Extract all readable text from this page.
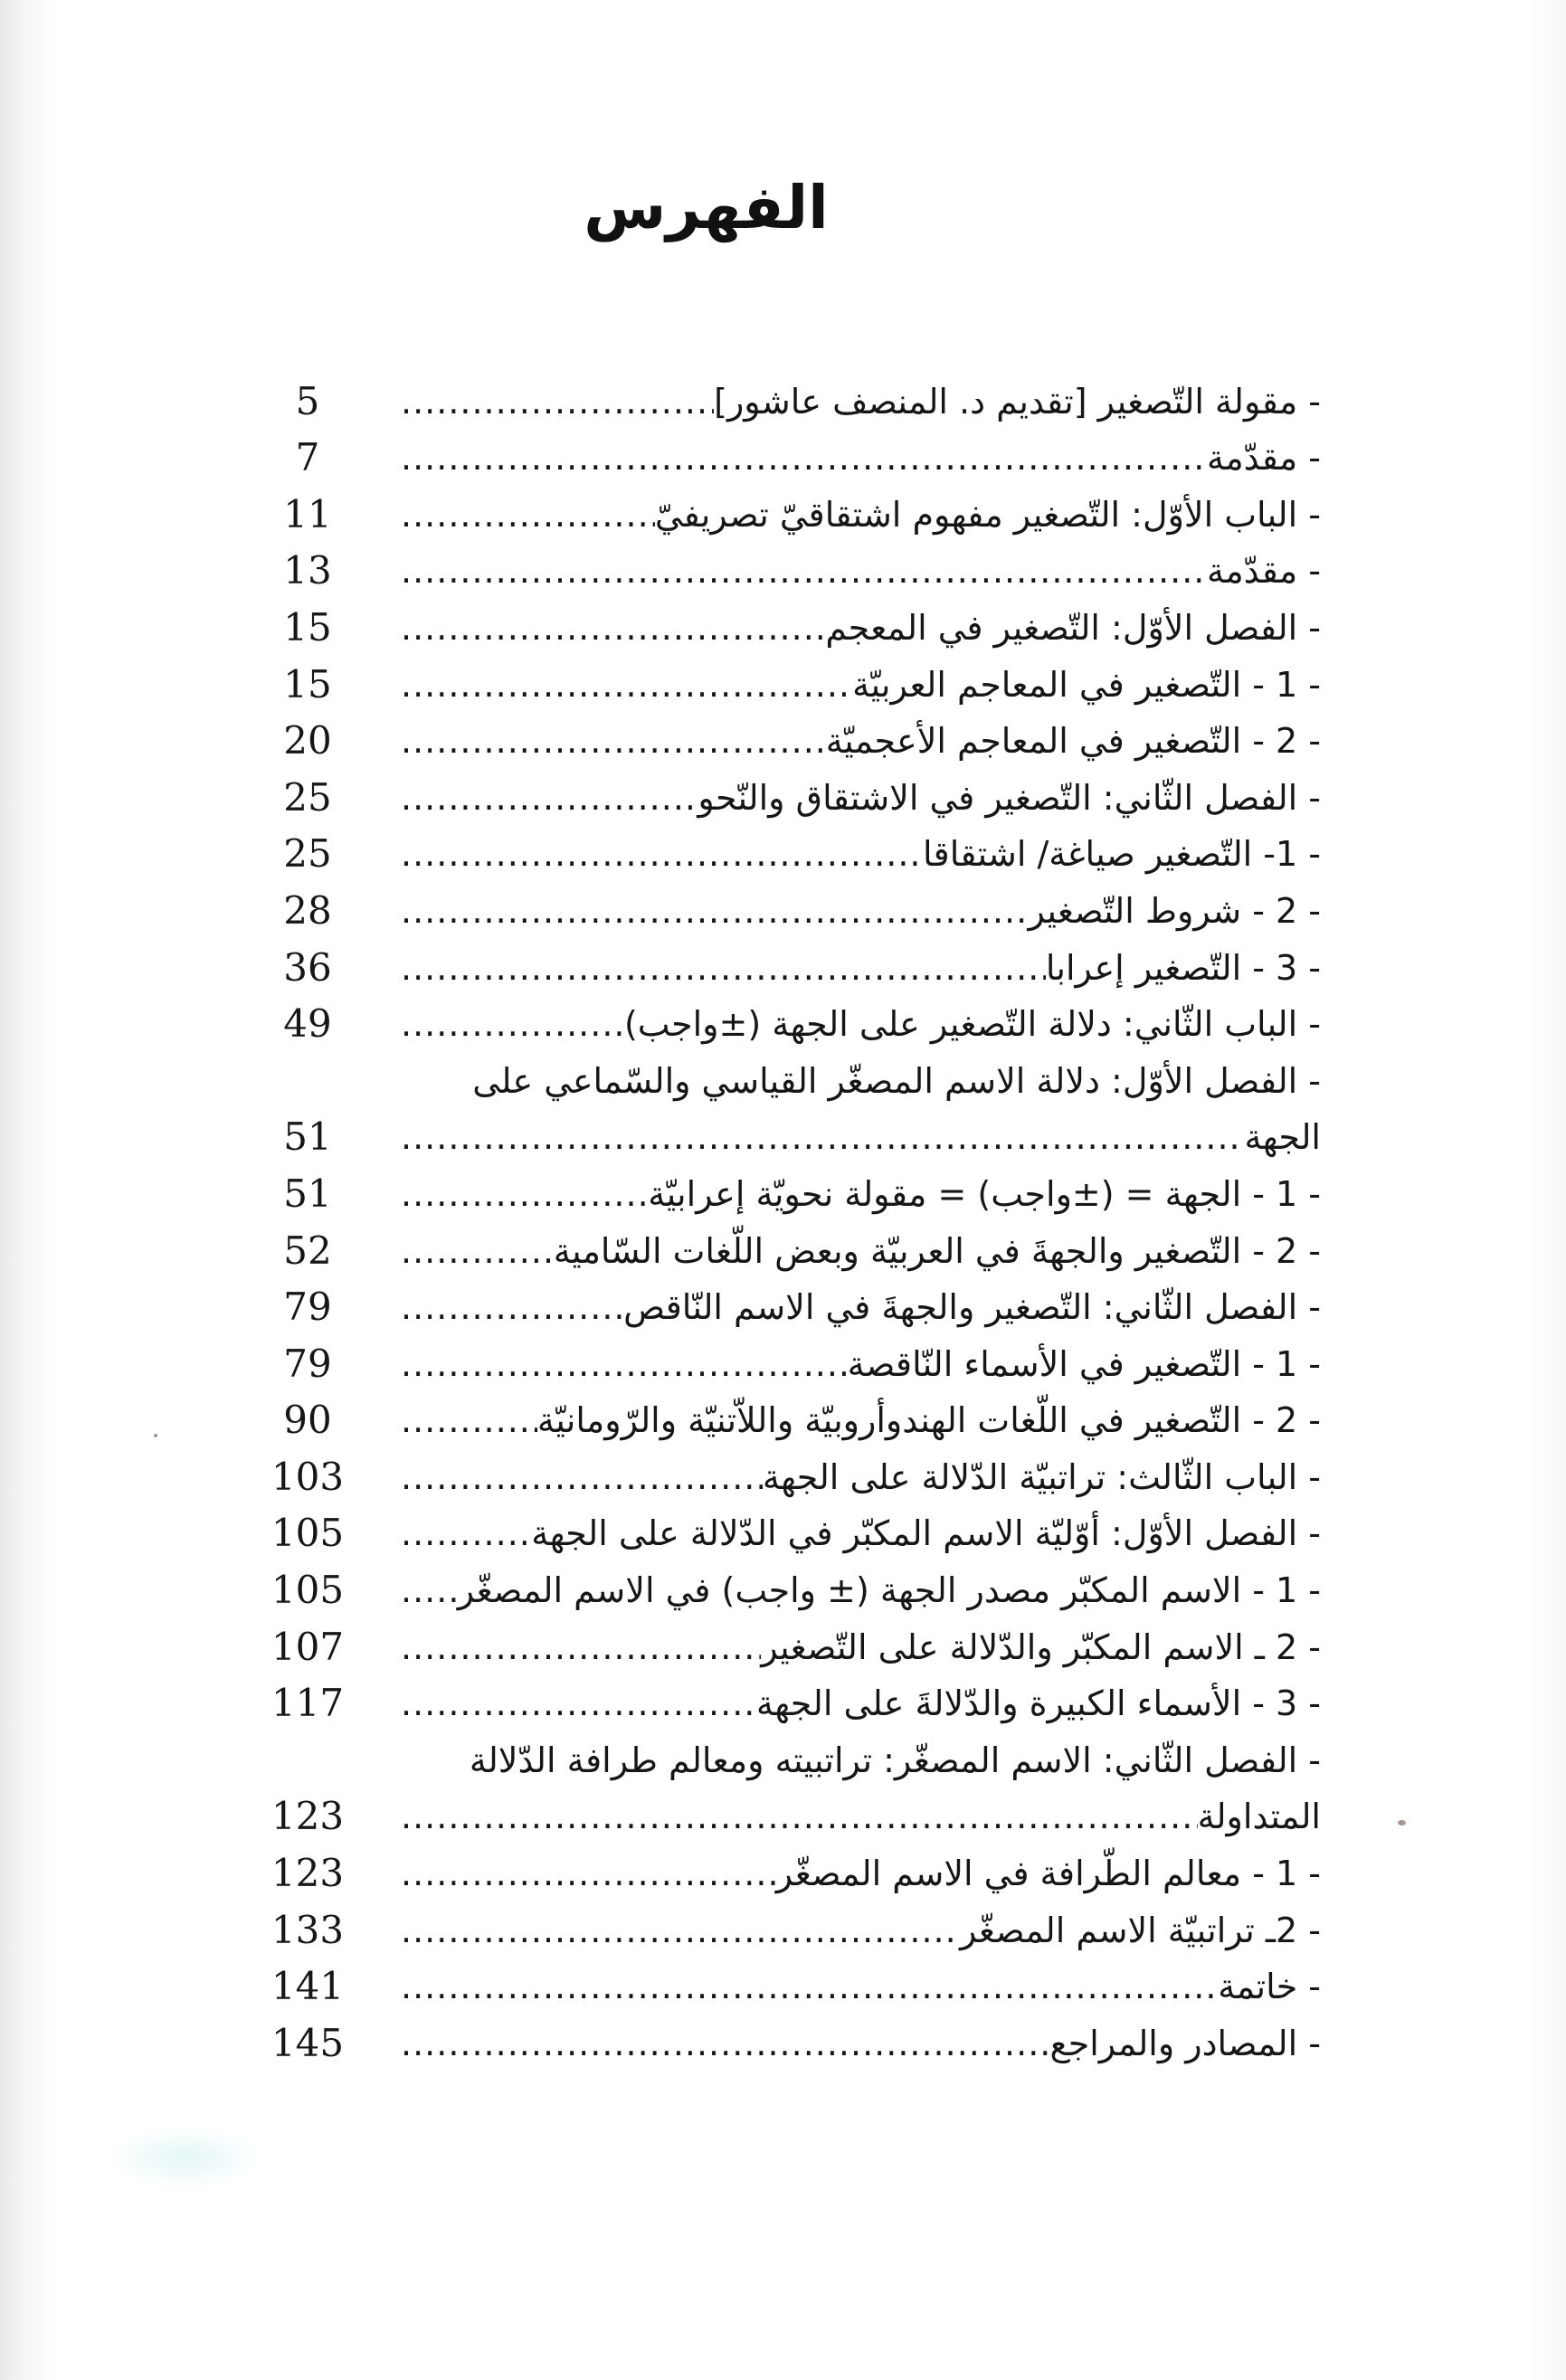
الفهرس
5	- مقولة التّصغير [تقديم د. المنصف عاشور]
.....
7	- مقدّمة
.....
11	- الباب الأوّل: التّصغير مفهوم اشتقاقيّ تصريفيّ
.....
13	- مقدّمة
.....
15	- الفصل الأوّل: التّصغير في المعجم
.....
15	- 1 - التّصغير في المعاجم العربيّة
.....
20	- 2 - التّصغير في المعاجم الأعجميّة
.....
25	- الفصل الثّاني: التّصغير في الاشتقاق والنّحو
.....
25	- 1- التّصغير صياغة/ اشتقاقا
.....
28	- 2 - شروط التّصغير
.....
36	- 3 - التّصغير إعرابا
.....
49	- الباب الثّاني: دلالة التّصغير على الجهة (±واجب)
.....
51
- الفصل الأوّل: دلالة الاسم المصغّر القياسي والسّماعي على
الجهة
.....
51	- 1 - الجهة = (±واجب) = مقولة نحويّة إعرابيّة
.....
52	- 2 - التّصغير والجهةَ في العربيّة وبعض اللّغات السّامية
.....
79	- الفصل الثّاني: التّصغير والجهةَ في الاسم النّاقص
.....
79	- 1 - التّصغير في الأسماء النّاقصة
.....
90	- 2 - التّصغير في اللّغات الهندوأروبيّة واللاّتنيّة والرّومانيّة
.....
103	- الباب الثّالث: تراتبيّة الدّلالة على الجهة
.....
105	- الفصل الأوّل: أوّليّة الاسم المكبّر في الدّلالة على الجهة
.....
105	- 1 - الاسم المكبّر مصدر الجهة (± واجب) في الاسم المصغّر
.....
107	- 2 ـ الاسم المكبّر والدّلالة على التّصغير
.....
117	- 3 - الأسماء الكبيرة والدّلالةَ على الجهة
.....
123
- الفصل الثّاني: الاسم المصغّر: تراتبيته ومعالم طرافة الدّلالة
المتداولة
.....
123	- 1 - معالم الطّرافة في الاسم المصغّر
.....
133	- 2ـ تراتبيّة الاسم المصغّر
.....
141	- خاتمة
.....
145	- المصادر والمراجع
.....
